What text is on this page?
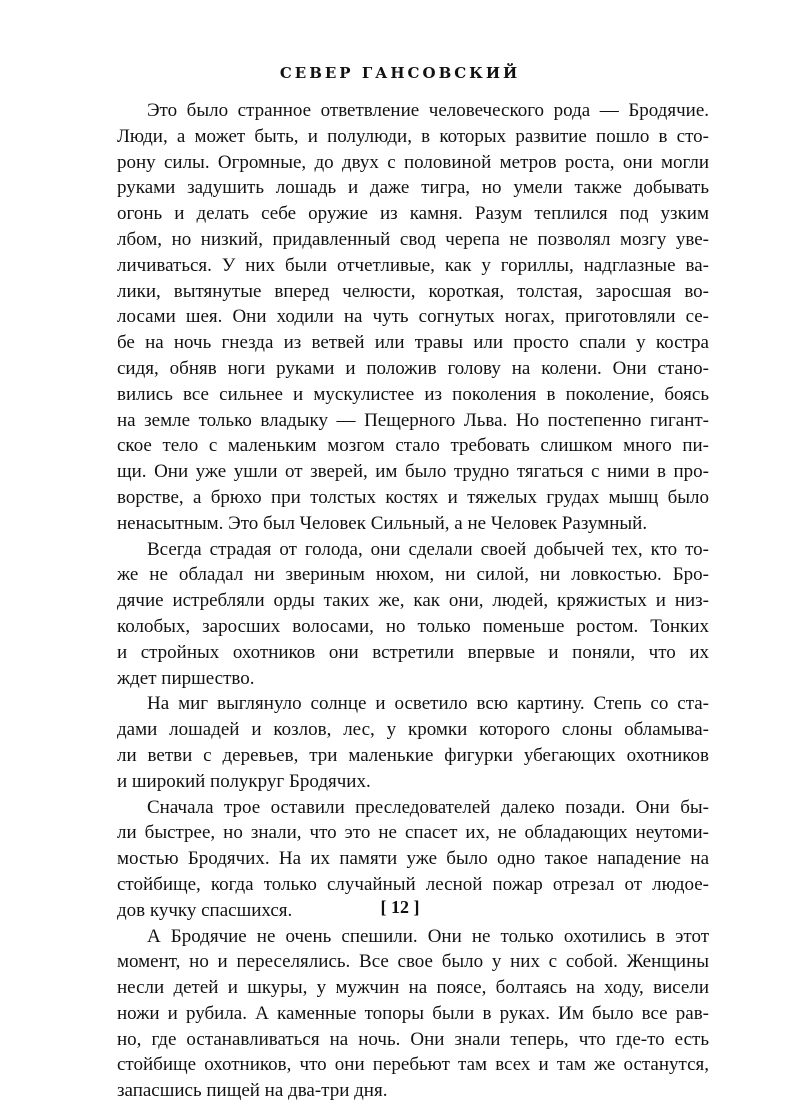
СЕВЕР ГАНСОВСКИЙ
Это было странное ответвление человеческого рода — Бродячие.
Люди, а может быть, и полулюди, в которых развитие пошло в сто-
рону силы. Огромные, до двух с половиной метров роста, они могли
руками задушить лошадь и даже тигра, но умели также добывать
огонь и делать себе оружие из камня. Разум теплился под узким
лбом, но низкий, придавленный свод черепа не позволял мозгу уве-
личиваться. У них были отчетливые, как у гориллы, надглазные ва-
лики, вытянутые вперед челюсти, короткая, толстая, заросшая во-
лосами шея. Они ходили на чуть согнутых ногах, приготовляли се-
бе на ночь гнезда из ветвей или травы или просто спали у костра
сидя, обняв ноги руками и положив голову на колени. Они стано-
вились все сильнее и мускулистее из поколения в поколение, боясь
на земле только владыку — Пещерного Льва. Но постепенно гигант-
ское тело с маленьким мозгом стало требовать слишком много пи-
щи. Они уже ушли от зверей, им было трудно тягаться с ними в про-
ворстве, а брюхо при толстых костях и тяжелых грудах мышц было
ненасытным. Это был Человек Сильный, а не Человек Разумный.
Всегда страдая от голода, они сделали своей добычей тех, кто то-
же не обладал ни звериным нюхом, ни силой, ни ловкостью. Бро-
дячие истребляли орды таких же, как они, людей, кряжистых и низ-
колобых, заросших волосами, но только поменьше ростом. Тонких
и стройных охотников они встретили впервые и поняли, что их
ждет пиршество.
На миг выглянуло солнце и осветило всю картину. Степь со ста-
дами лошадей и козлов, лес, у кромки которого слоны обламыва-
ли ветви с деревьев, три маленькие фигурки убегающих охотников
и широкий полукруг Бродячих.
Сначала трое оставили преследователей далеко позади. Они бы-
ли быстрее, но знали, что это не спасет их, не обладающих неутоми-
мостью Бродячих. На их памяти уже было одно такое нападение на
стойбище, когда только случайный лесной пожар отрезал от людое-
дов кучку спасшихся.
А Бродячие не очень спешили. Они не только охотились в этот
момент, но и переселялись. Все свое было у них с собой. Женщины
несли детей и шкуры, у мужчин на поясе, болтаясь на ходу, висели
ножи и рубила. А каменные топоры были в руках. Им было все рав-
но, где останавливаться на ночь. Они знали теперь, что где-то есть
стойбище охотников, что они перебьют там всех и там же останутся,
запасшись пищей на два-три дня.
[ 12 ]
